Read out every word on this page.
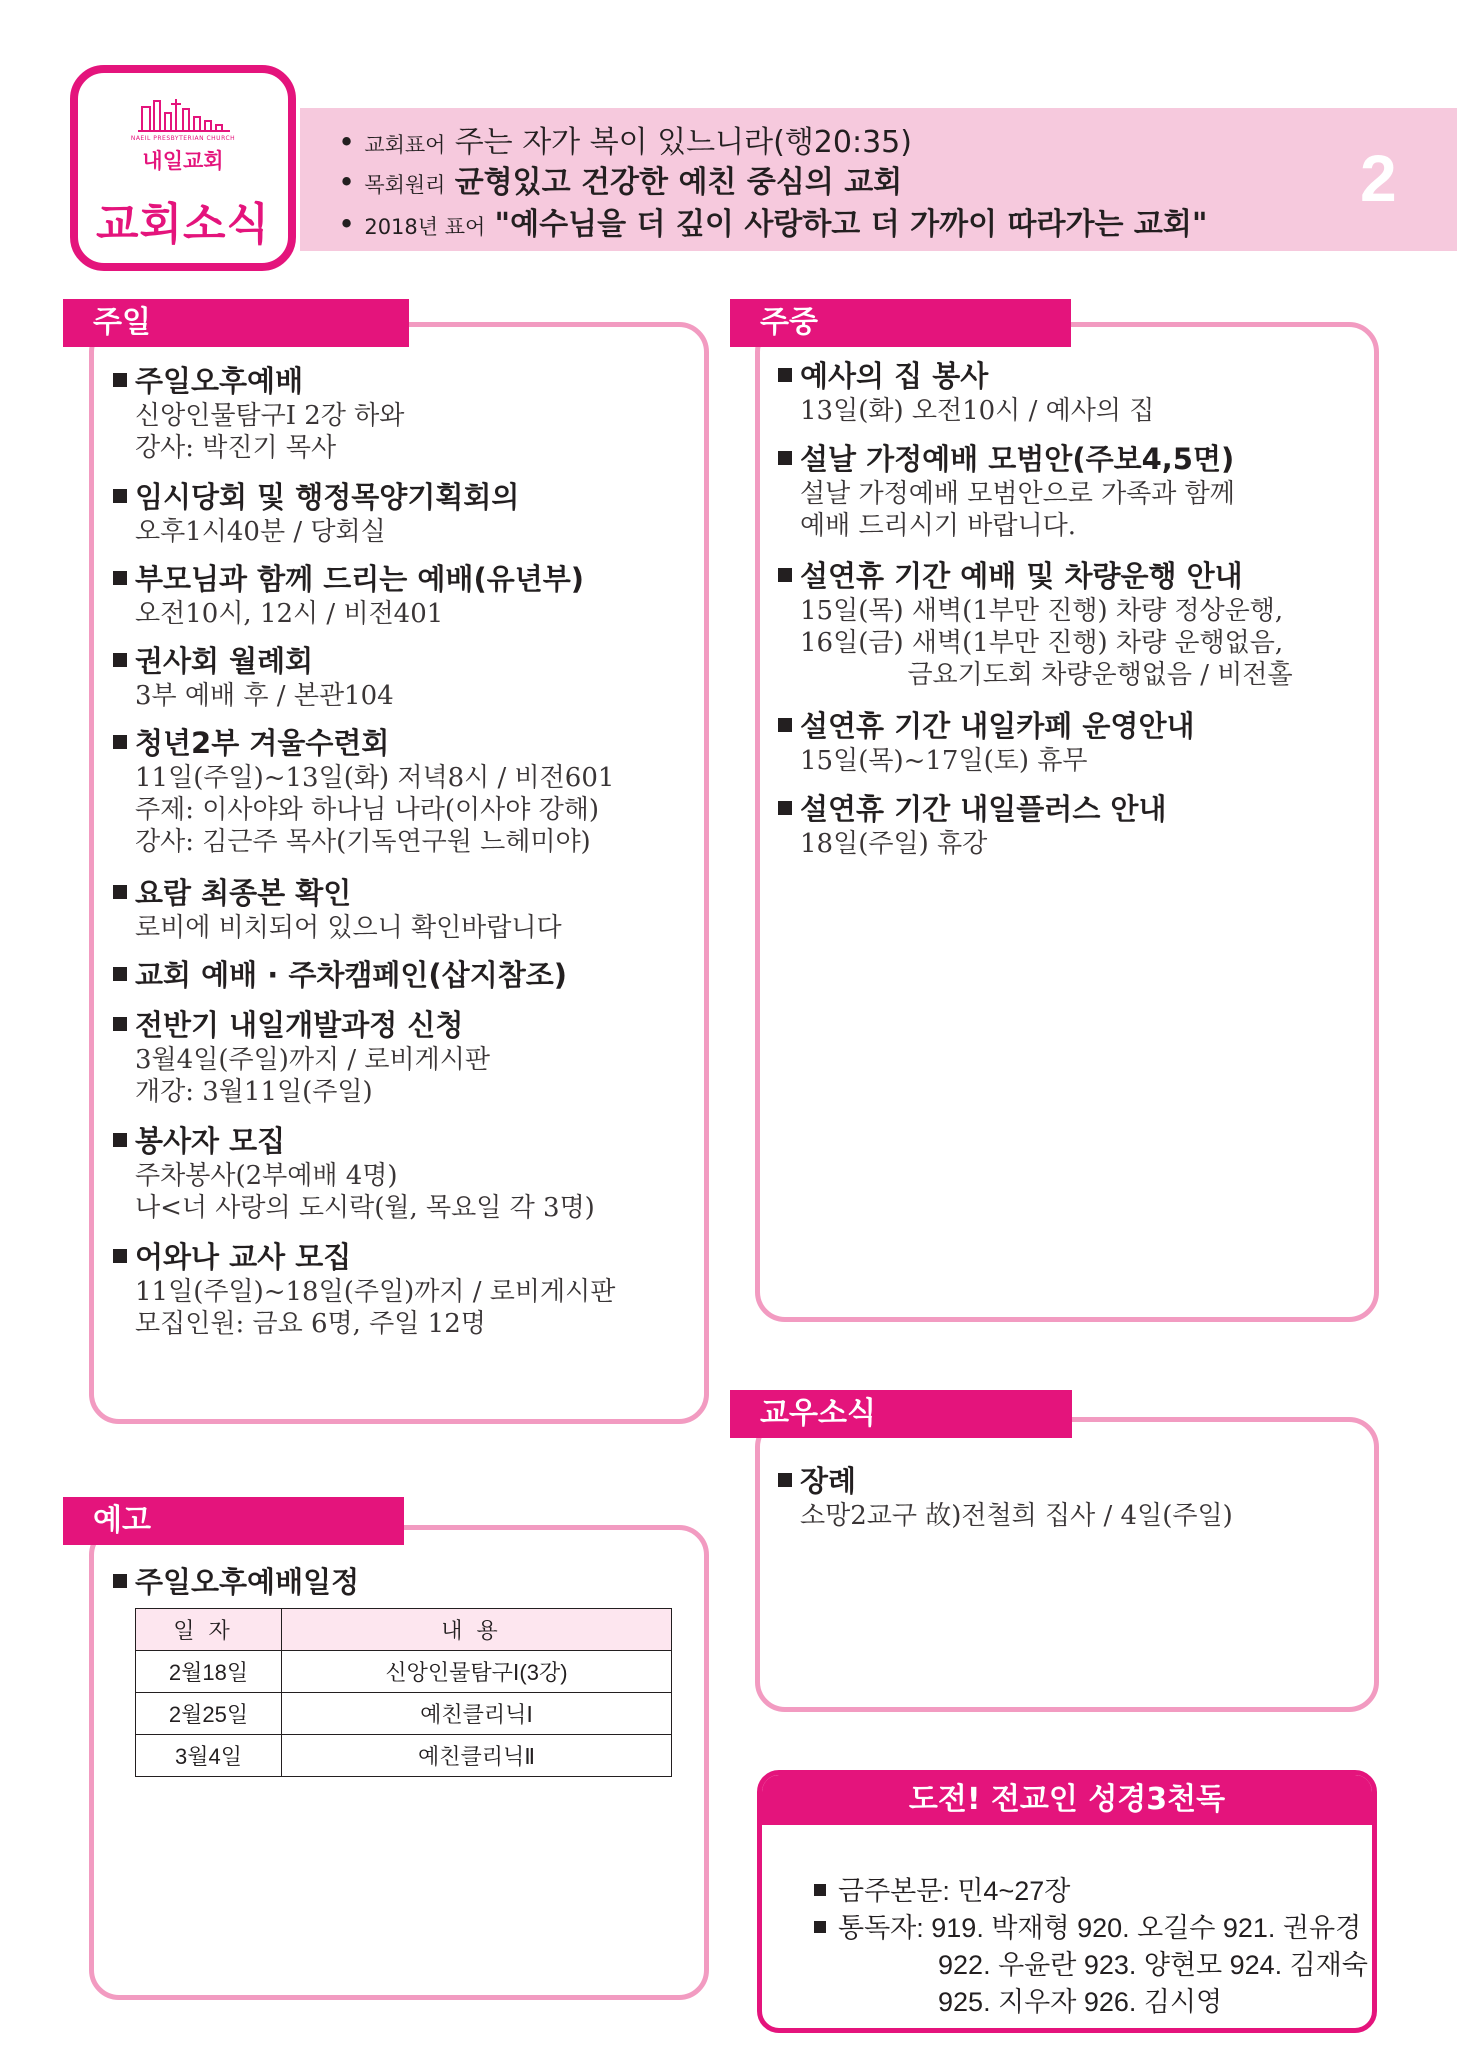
NAEIL PRESBYTERIAN CHURCH
내일교회
교회소식
• 교회표어 주는 자가 복이 있느니라(행20:35)
• 목회원리 균형있고 건강한 예친 중심의 교회
• 2018년 표어 "예수님을 더 깊이 사랑하고 더 가까이 따라가는 교회"
2
주일
주일오후예배
신앙인물탐구Ⅰ 2강 하와
강사: 박진기 목사
임시당회 및 행정목양기획회의
오후1시40분 / 당회실
부모님과 함께 드리는 예배(유년부)
오전10시, 12시 / 비전401
권사회 월례회
3부 예배 후 / 본관104
청년2부 겨울수련회
11일(주일)~13일(화) 저녁8시 / 비전601
주제: 이사야와 하나님 나라(이사야 강해)
강사: 김근주 목사(기독연구원 느헤미야)
요람 최종본 확인
로비에 비치되어 있으니 확인바랍니다
교회 예배 · 주차캠페인(삽지참조)
전반기 내일개발과정 신청
3월4일(주일)까지 / 로비게시판
개강: 3월11일(주일)
봉사자 모집
주차봉사(2부예배 4명)
나<너 사랑의 도시락(월, 목요일 각 3명)
어와나 교사 모집
11일(주일)~18일(주일)까지 / 로비게시판
모집인원: 금요 6명, 주일 12명
주중
예사의 집 봉사
13일(화) 오전10시 / 예사의 집
설날 가정예배 모범안(주보4,5면)
설날 가정예배 모범안으로 가족과 함께
예배 드리시기 바랍니다.
설연휴 기간 예배 및 차량운행 안내
15일(목) 새벽(1부만 진행) 차량 정상운행,
16일(금) 새벽(1부만 진행) 차량 운행없음,
금요기도회 차량운행없음 / 비전홀
설연휴 기간 내일카페 운영안내
15일(목)~17일(토) 휴무
설연휴 기간 내일플러스 안내
18일(주일) 휴강
예고
주일오후예배일정
일자	내용
2월18일	신앙인물탐구Ⅰ(3강)
2월25일	예친클리닉Ⅰ
3월4일	예친클리닉Ⅱ
교우소식
장례
소망2교구 故)전철희 집사 / 4일(주일)
도전! 전교인 성경3천독

금주본문: 민4~27장

통독자: 919. 박재형 920. 오길수 921. 권유경

922. 우윤란 923. 양현모 924. 김재숙

925. 지우자 926. 김시영
